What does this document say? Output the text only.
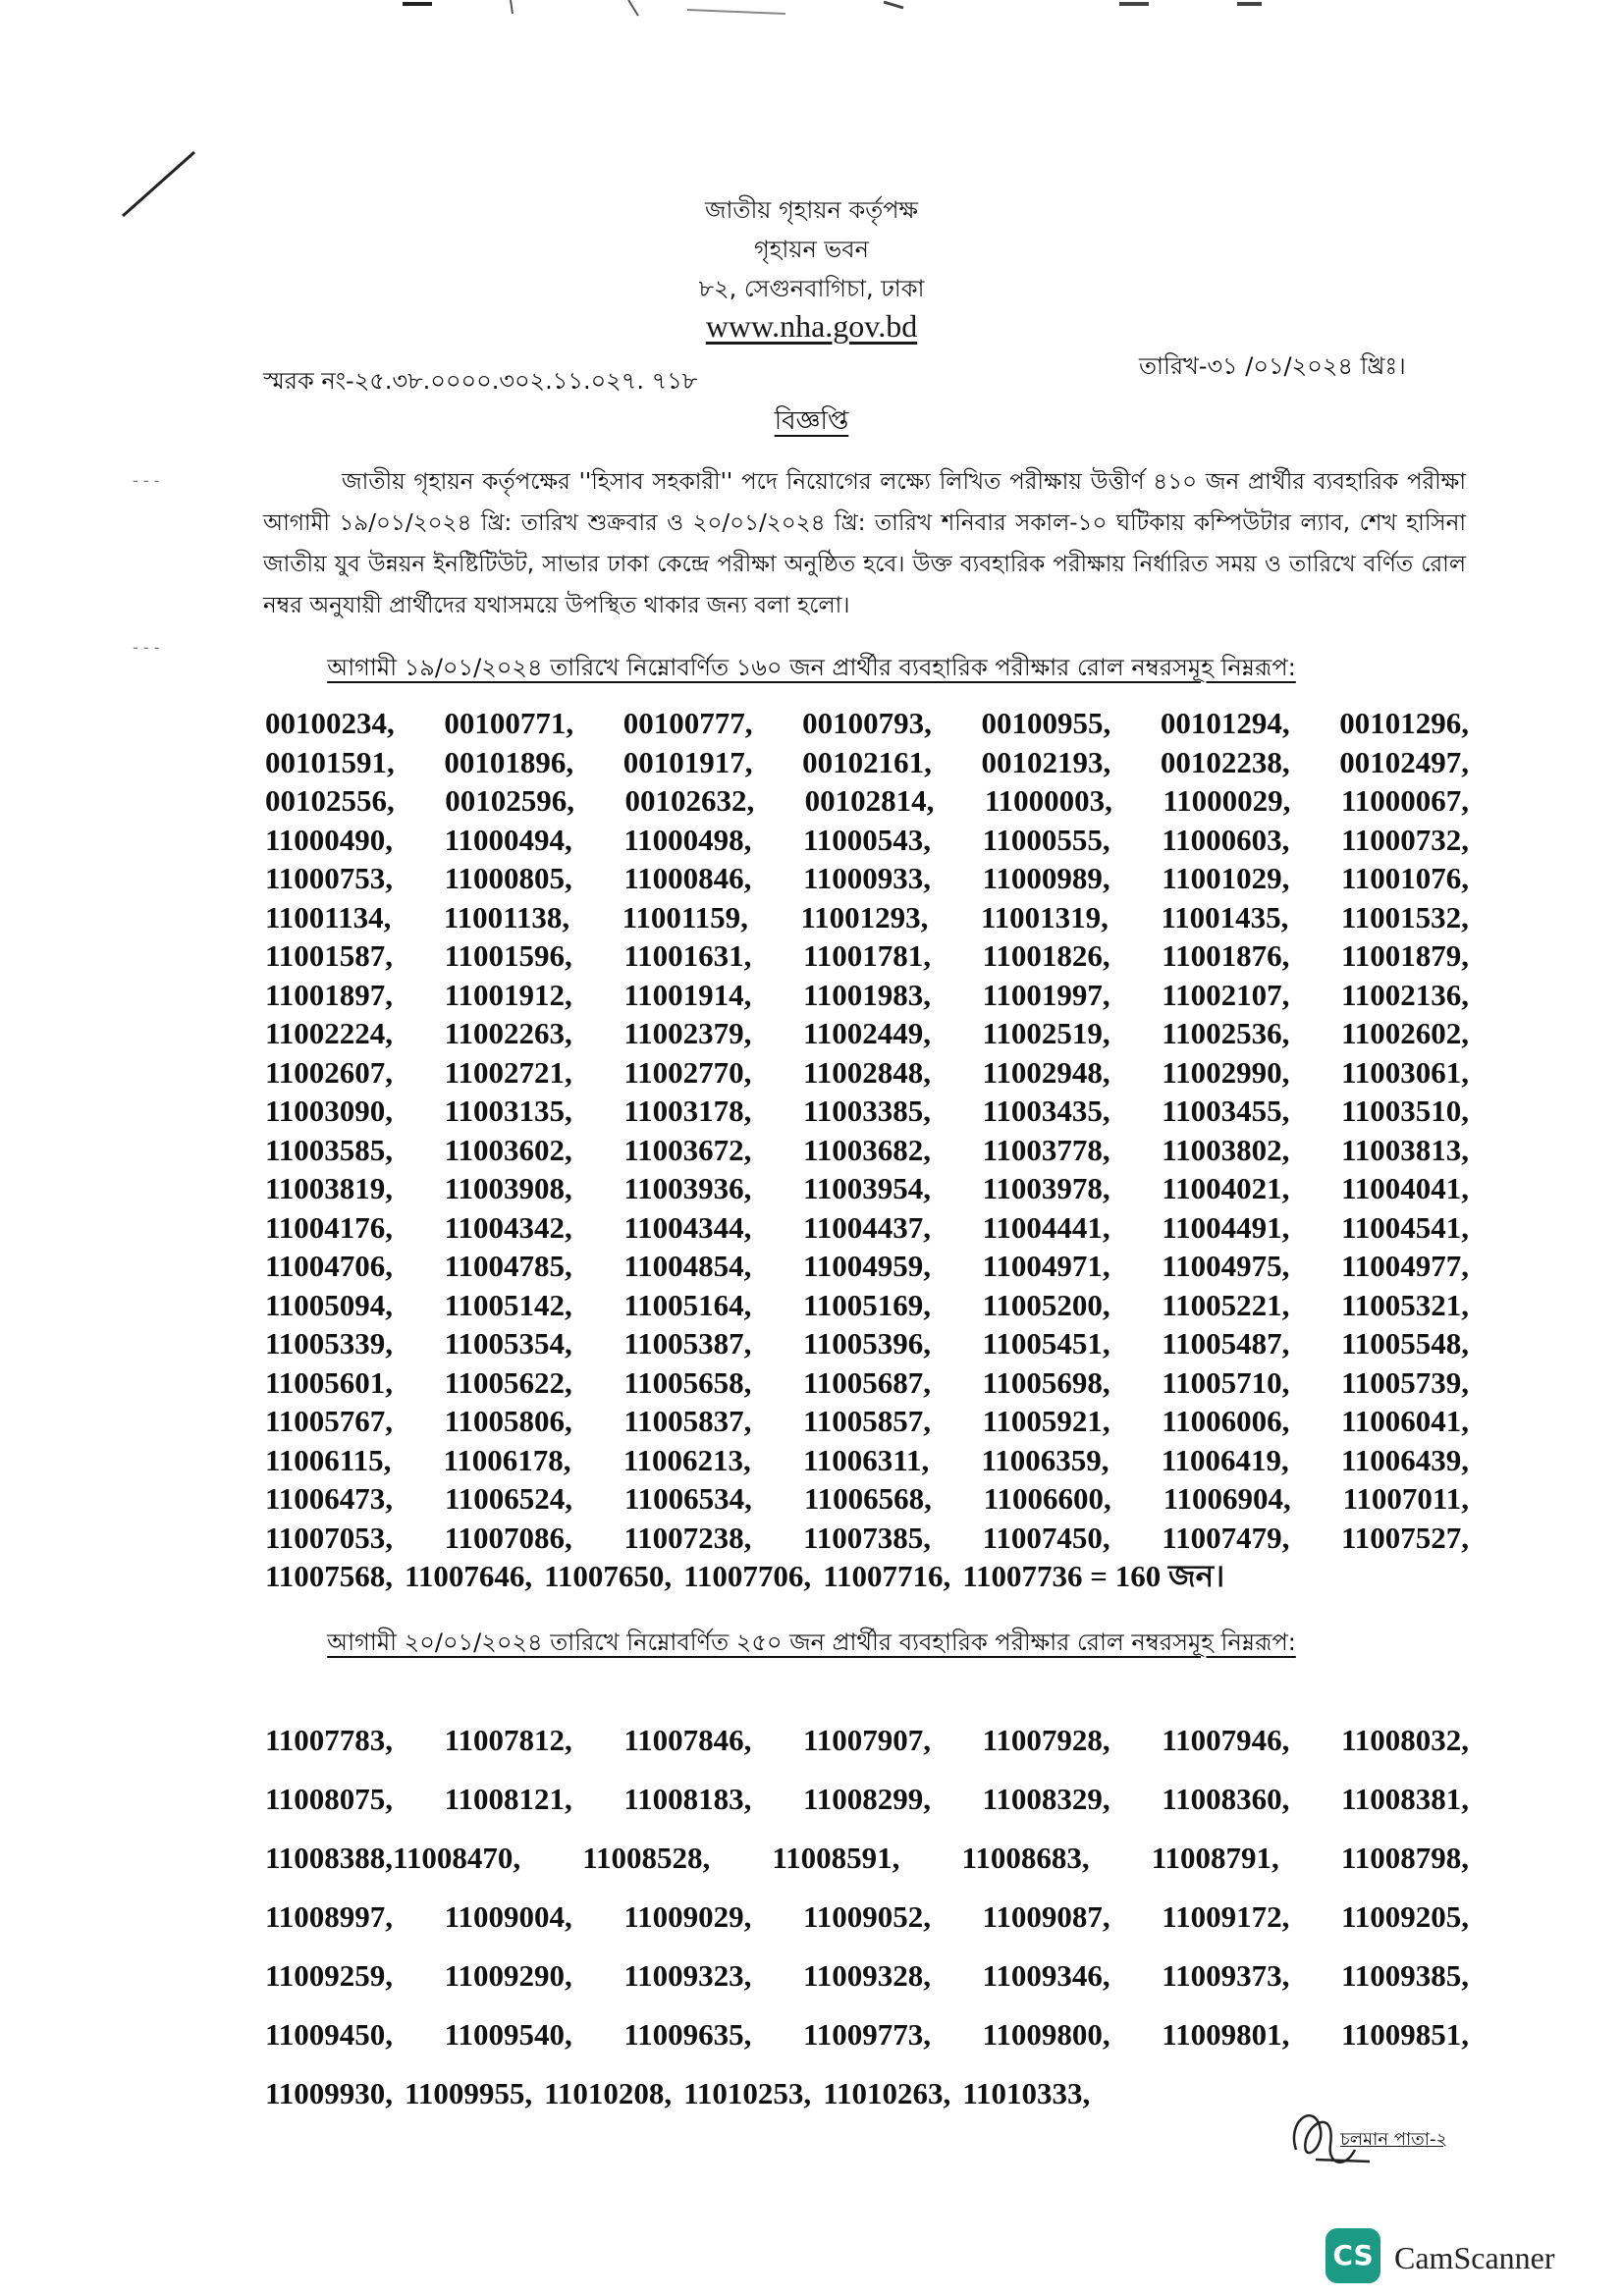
- - -
- - -
জাতীয় গৃহায়ন কর্তৃপক্ষ
গৃহায়ন ভবন
৮২, সেগুনবাগিচা, ঢাকা
www.nha.gov.bd
স্মরক নং-২৫.৩৮.০০০০.৩০২.১১.০২৭. ৭১৮
তারিখ-৩১ /০১/২০২৪ খ্রিঃ।
বিজ্ঞপ্তি
জাতীয় গৃহায়ন কর্তৃপক্ষের ''হিসাব সহকারী'' পদে নিয়োগের লক্ষ্যে লিখিত পরীক্ষায় উত্তীর্ণ ৪১০ জন প্রার্থীর ব্যবহারিক পরীক্ষা আগামী ১৯/০১/২০২৪ খ্রি: তারিখ শুক্রবার ও ২০/০১/২০২৪ খ্রি: তারিখ শনিবার সকাল-১০ ঘটিকায় কম্পিউটার ল্যাব, শেখ হাসিনা জাতীয় যুব উন্নয়ন ইনষ্টিটিউট, সাভার ঢাকা কেন্দ্রে পরীক্ষা অনুষ্ঠিত হবে। উক্ত ব্যবহারিক পরীক্ষায় নির্ধারিত সময় ও তারিখে বর্ণিত রোল নম্বর অনুযায়ী প্রার্থীদের যথাসময়ে উপস্থিত থাকার জন্য বলা হলো।
আগামী ১৯/০১/২০২৪ তারিখে নিম্নোবর্ণিত ১৬০ জন প্রার্থীর ব্যবহারিক পরীক্ষার রোল নম্বরসমূহ নিম্নরূপ:
00100234, 00100771, 00100777, 00100793, 00100955, 00101294, 00101296,
00101591, 00101896, 00101917, 00102161, 00102193, 00102238, 00102497,
00102556, 00102596, 00102632, 00102814, 11000003, 11000029, 11000067,
11000490, 11000494, 11000498, 11000543, 11000555, 11000603, 11000732,
11000753, 11000805, 11000846, 11000933, 11000989, 11001029, 11001076,
11001134, 11001138, 11001159, 11001293, 11001319, 11001435, 11001532,
11001587, 11001596, 11001631, 11001781, 11001826, 11001876, 11001879,
11001897, 11001912, 11001914, 11001983, 11001997, 11002107, 11002136,
11002224, 11002263, 11002379, 11002449, 11002519, 11002536, 11002602,
11002607, 11002721, 11002770, 11002848, 11002948, 11002990, 11003061,
11003090, 11003135, 11003178, 11003385, 11003435, 11003455, 11003510,
11003585, 11003602, 11003672, 11003682, 11003778, 11003802, 11003813,
11003819, 11003908, 11003936, 11003954, 11003978, 11004021, 11004041,
11004176, 11004342, 11004344, 11004437, 11004441, 11004491, 11004541,
11004706, 11004785, 11004854, 11004959, 11004971, 11004975, 11004977,
11005094, 11005142, 11005164, 11005169, 11005200, 11005221, 11005321,
11005339, 11005354, 11005387, 11005396, 11005451, 11005487, 11005548,
11005601, 11005622, 11005658, 11005687, 11005698, 11005710, 11005739,
11005767, 11005806, 11005837, 11005857, 11005921, 11006006, 11006041,
11006115, 11006178, 11006213, 11006311, 11006359, 11006419, 11006439,
11006473, 11006524, 11006534, 11006568, 11006600, 11006904, 11007011,
11007053, 11007086, 11007238, 11007385, 11007450, 11007479, 11007527,
11007568, 11007646, 11007650, 11007706, 11007716, 11007736 = 160 জন।
আগামী ২০/০১/২০২৪ তারিখে নিম্নোবর্ণিত ২৫০ জন প্রার্থীর ব্যবহারিক পরীক্ষার রোল নম্বরসমূহ নিম্নরূপ:
11007783, 11007812, 11007846, 11007907, 11007928, 11007946, 11008032,
11008075, 11008121, 11008183, 11008299, 11008329, 11008360, 11008381,
11008388,11008470, 11008528, 11008591, 11008683, 11008791, 11008798,
11008997, 11009004, 11009029, 11009052, 11009087, 11009172, 11009205,
11009259, 11009290, 11009323, 11009328, 11009346, 11009373, 11009385,
11009450, 11009540, 11009635, 11009773, 11009800, 11009801, 11009851,
11009930, 11009955, 11010208, 11010253, 11010263, 11010333,
চলমান পাতা-২
CS CamScanner
